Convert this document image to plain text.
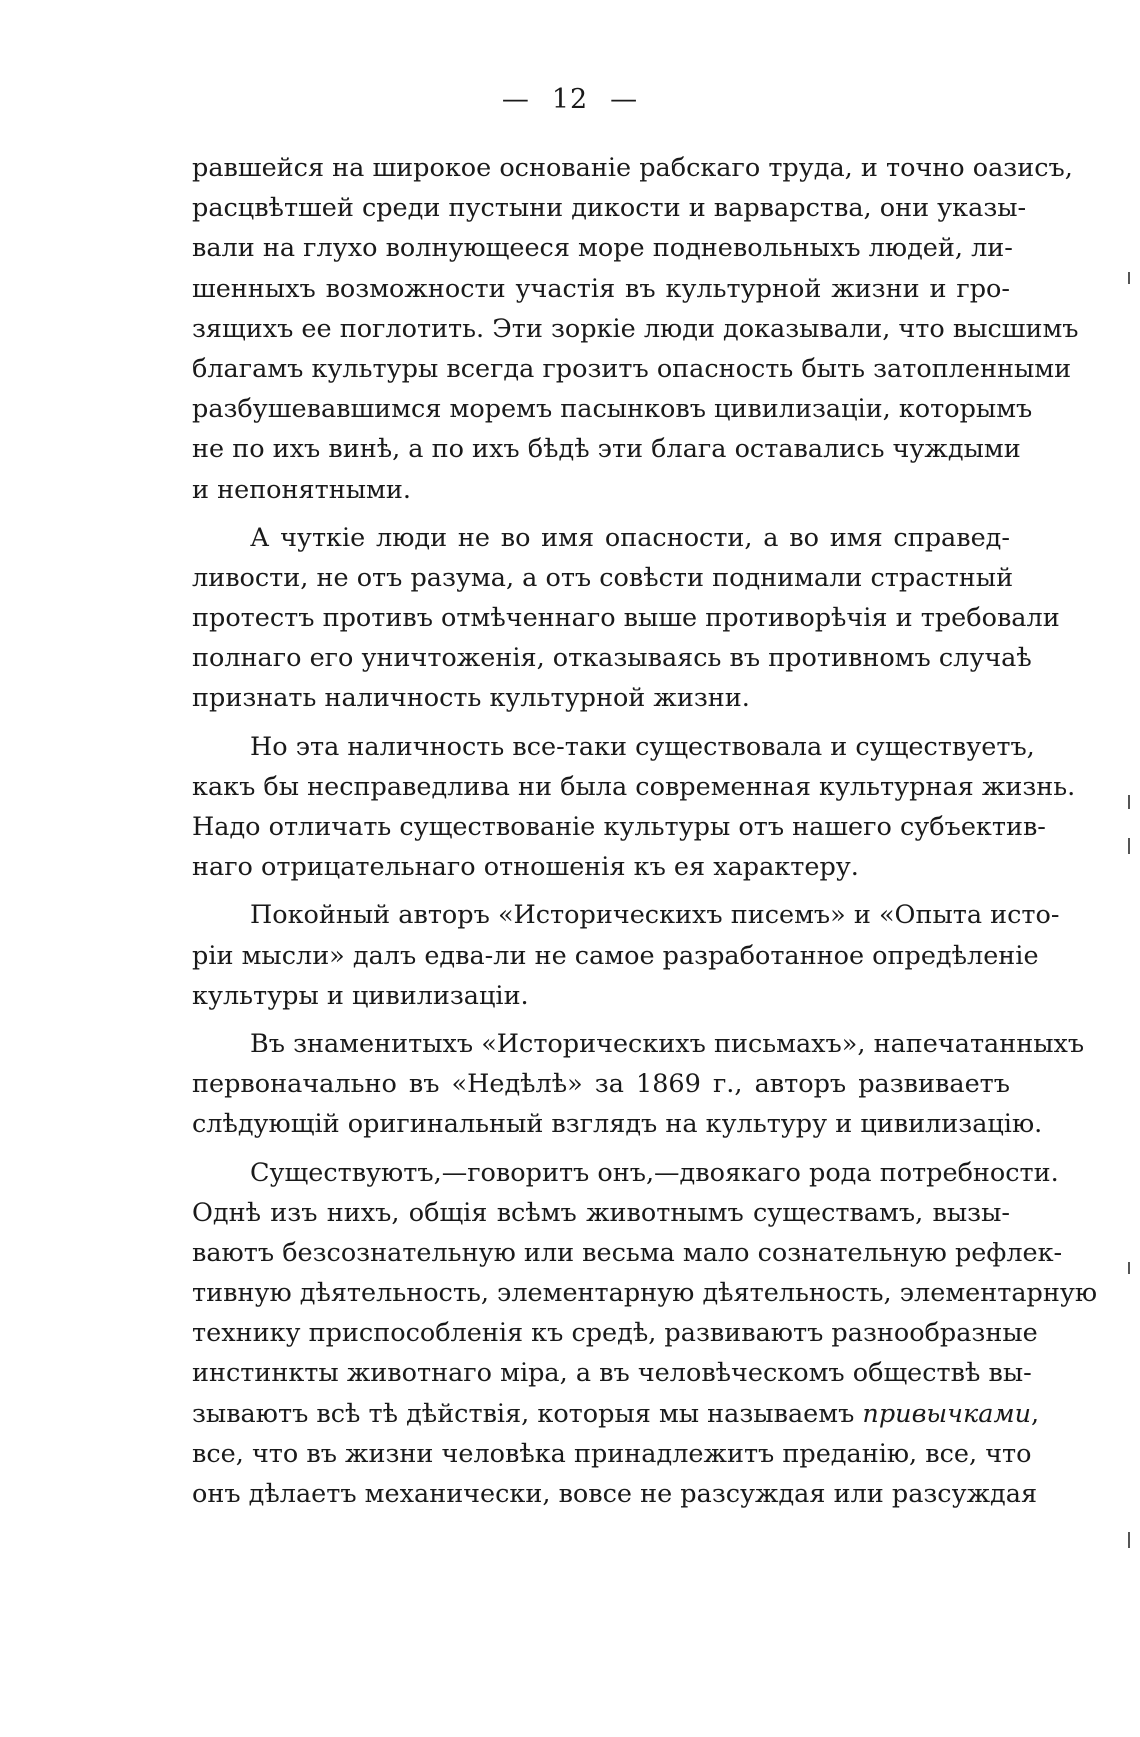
— 12 —
равшейся на широкое основаніе рабскаго труда, и точно оазисъ,
расцвѣтшей среди пустыни дикости и варварства, они указы-
вали на глухо волнующееся море подневольныхъ людей, ли-
шенныхъ возможности участія въ культурной жизни и гро-
зящихъ ее поглотить. Эти зоркіе люди доказывали, что высшимъ
благамъ культуры всегда грозитъ опасность быть затопленными
разбушевавшимся моремъ пасынковъ цивилизаціи, которымъ
не по ихъ винѣ, а по ихъ бѣдѣ эти блага оставались чуждыми
и непонятными.
А чуткіе люди не во имя опасности, а во имя справед-
ливости, не отъ разума, а отъ совѣсти поднимали страстный
протестъ противъ отмѣченнаго выше противорѣчія и требовали
полнаго его уничтоженія, отказываясь въ противномъ случаѣ
признать наличность культурной жизни.
Но эта наличность все-таки существовала и существуетъ,
какъ бы несправедлива ни была современная культурная жизнь.
Надо отличать существованіе культуры отъ нашего субъектив-
наго отрицательнаго отношенія къ ея характеру.
Покойный авторъ «Историческихъ писемъ» и «Опыта исто-
ріи мысли» далъ едва-ли не самое разработанное опредѣленіе
культуры и цивилизаціи.
Въ знаменитыхъ «Историческихъ письмахъ», напечатанныхъ
первоначально въ «Недѣлѣ» за 1869 г., авторъ развиваетъ
слѣдующій оригинальный взглядъ на культуру и цивилизацію.
Существуютъ,—говоритъ онъ,—двоякаго рода потребности.
Однѣ изъ нихъ, общія всѣмъ животнымъ существамъ, вызы-
ваютъ безсознательную или весьма мало сознательную рефлек-
тивную дѣятельность, элементарную дѣятельность, элементарную
технику приспособленія къ средѣ, развиваютъ разнообразные
инстинкты животнаго міра, а въ человѣческомъ обществѣ вы-
зываютъ всѣ тѣ дѣйствія, которыя мы называемъ привычками,
все, что въ жизни человѣка принадлежитъ преданію, все, что
онъ дѣлаетъ механически, вовсе не разсуждая или разсуждая
